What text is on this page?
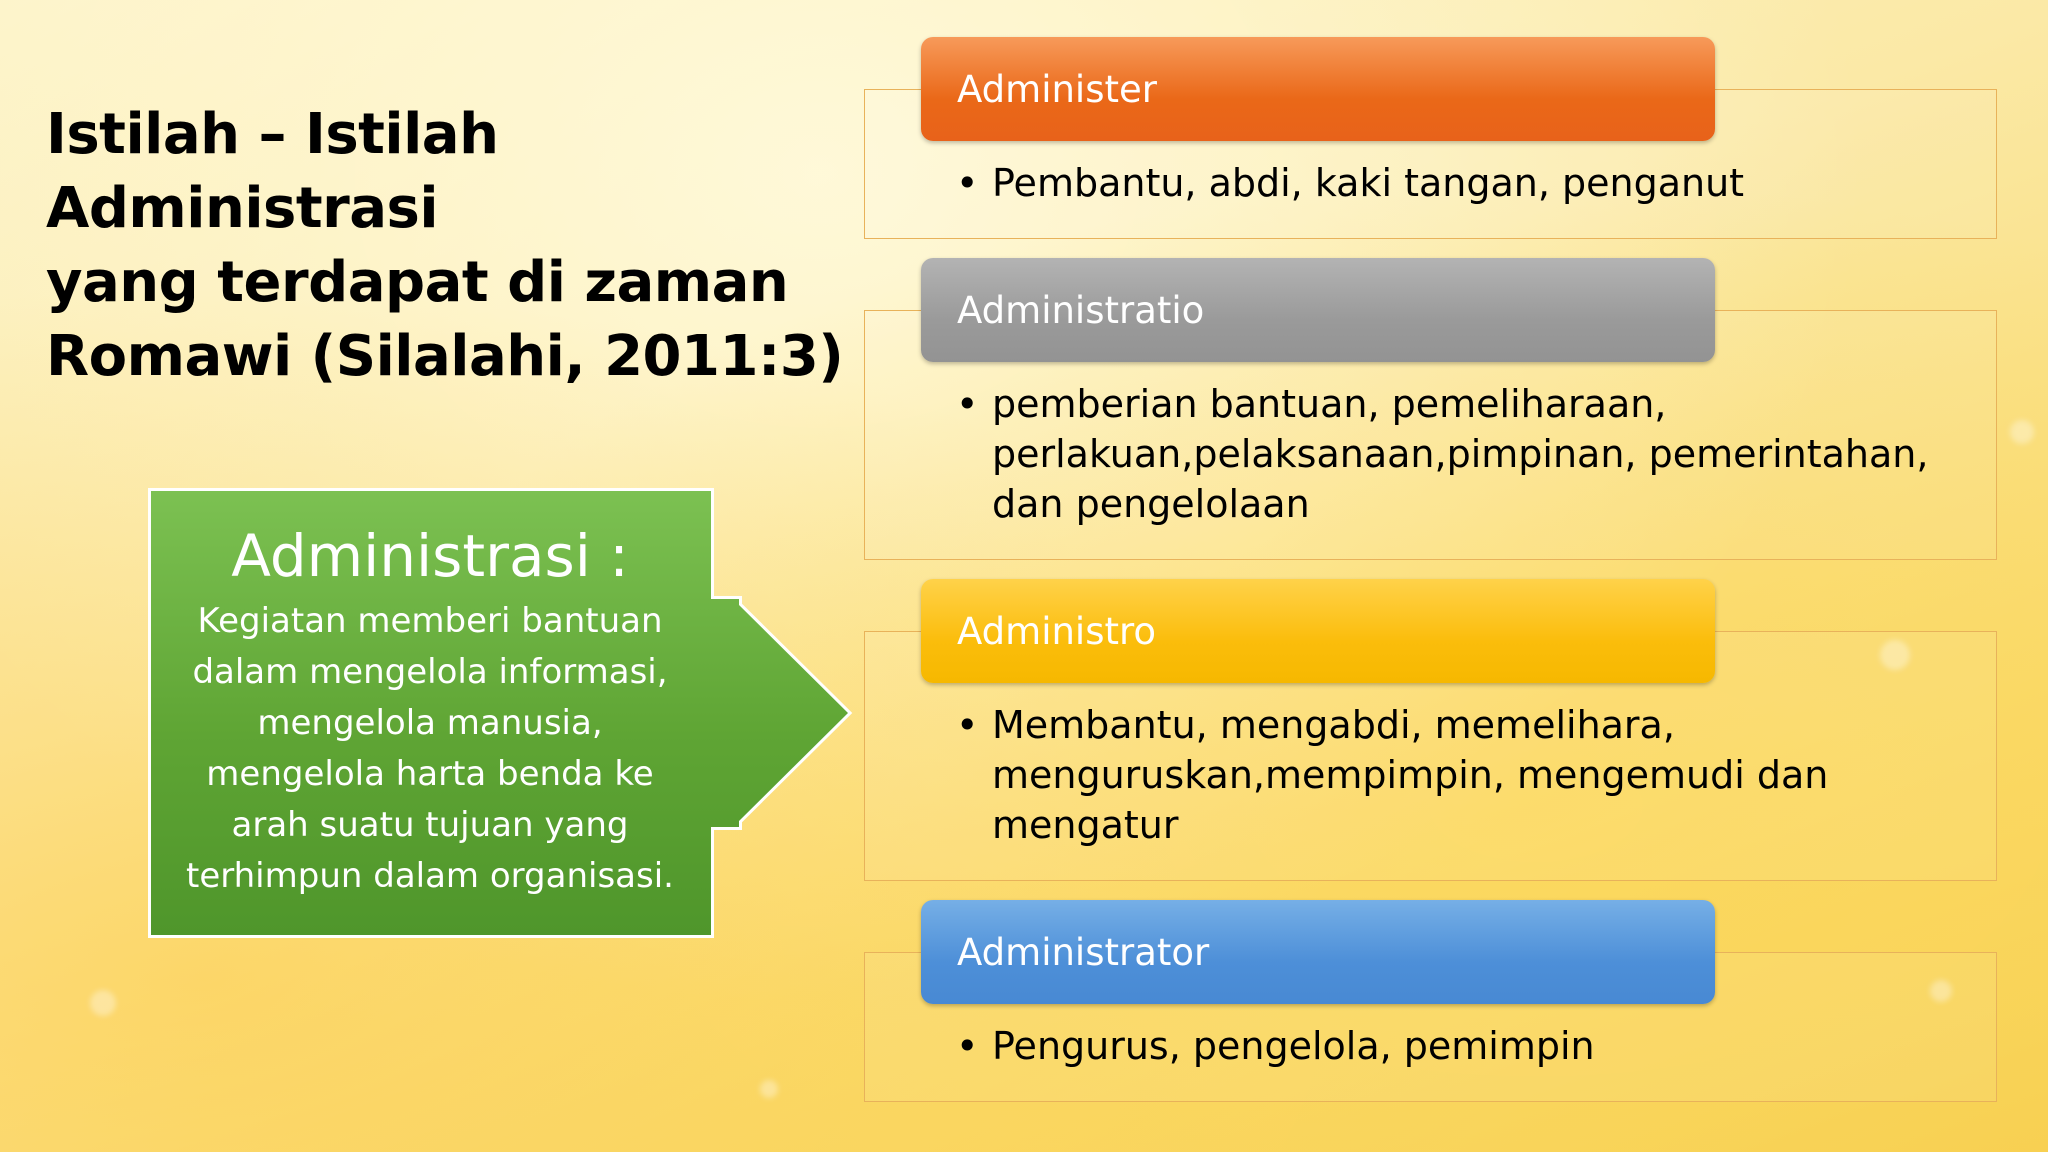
Istilah – Istilah Administrasi
yang terdapat di zaman
Romawi (Silalahi, 2011:3)
Administrasi :

Kegiatan memberi bantuan
dalam mengelola informasi,
mengelola manusia,
mengelola harta benda ke
arah suatu tujuan yang
terhimpun dalam organisasi.

Administer
• Pembantu, abdi, kaki tangan, penganut
Administratio
• pemberian bantuan, pemeliharaan,
perlakuan,pelaksanaan,pimpinan, pemerintahan,
dan pengelolaan
Administro
• Membantu, mengabdi, memelihara,
menguruskan,mempimpin, mengemudi dan
mengatur
Administrator
• Pengurus, pengelola, pemimpin
